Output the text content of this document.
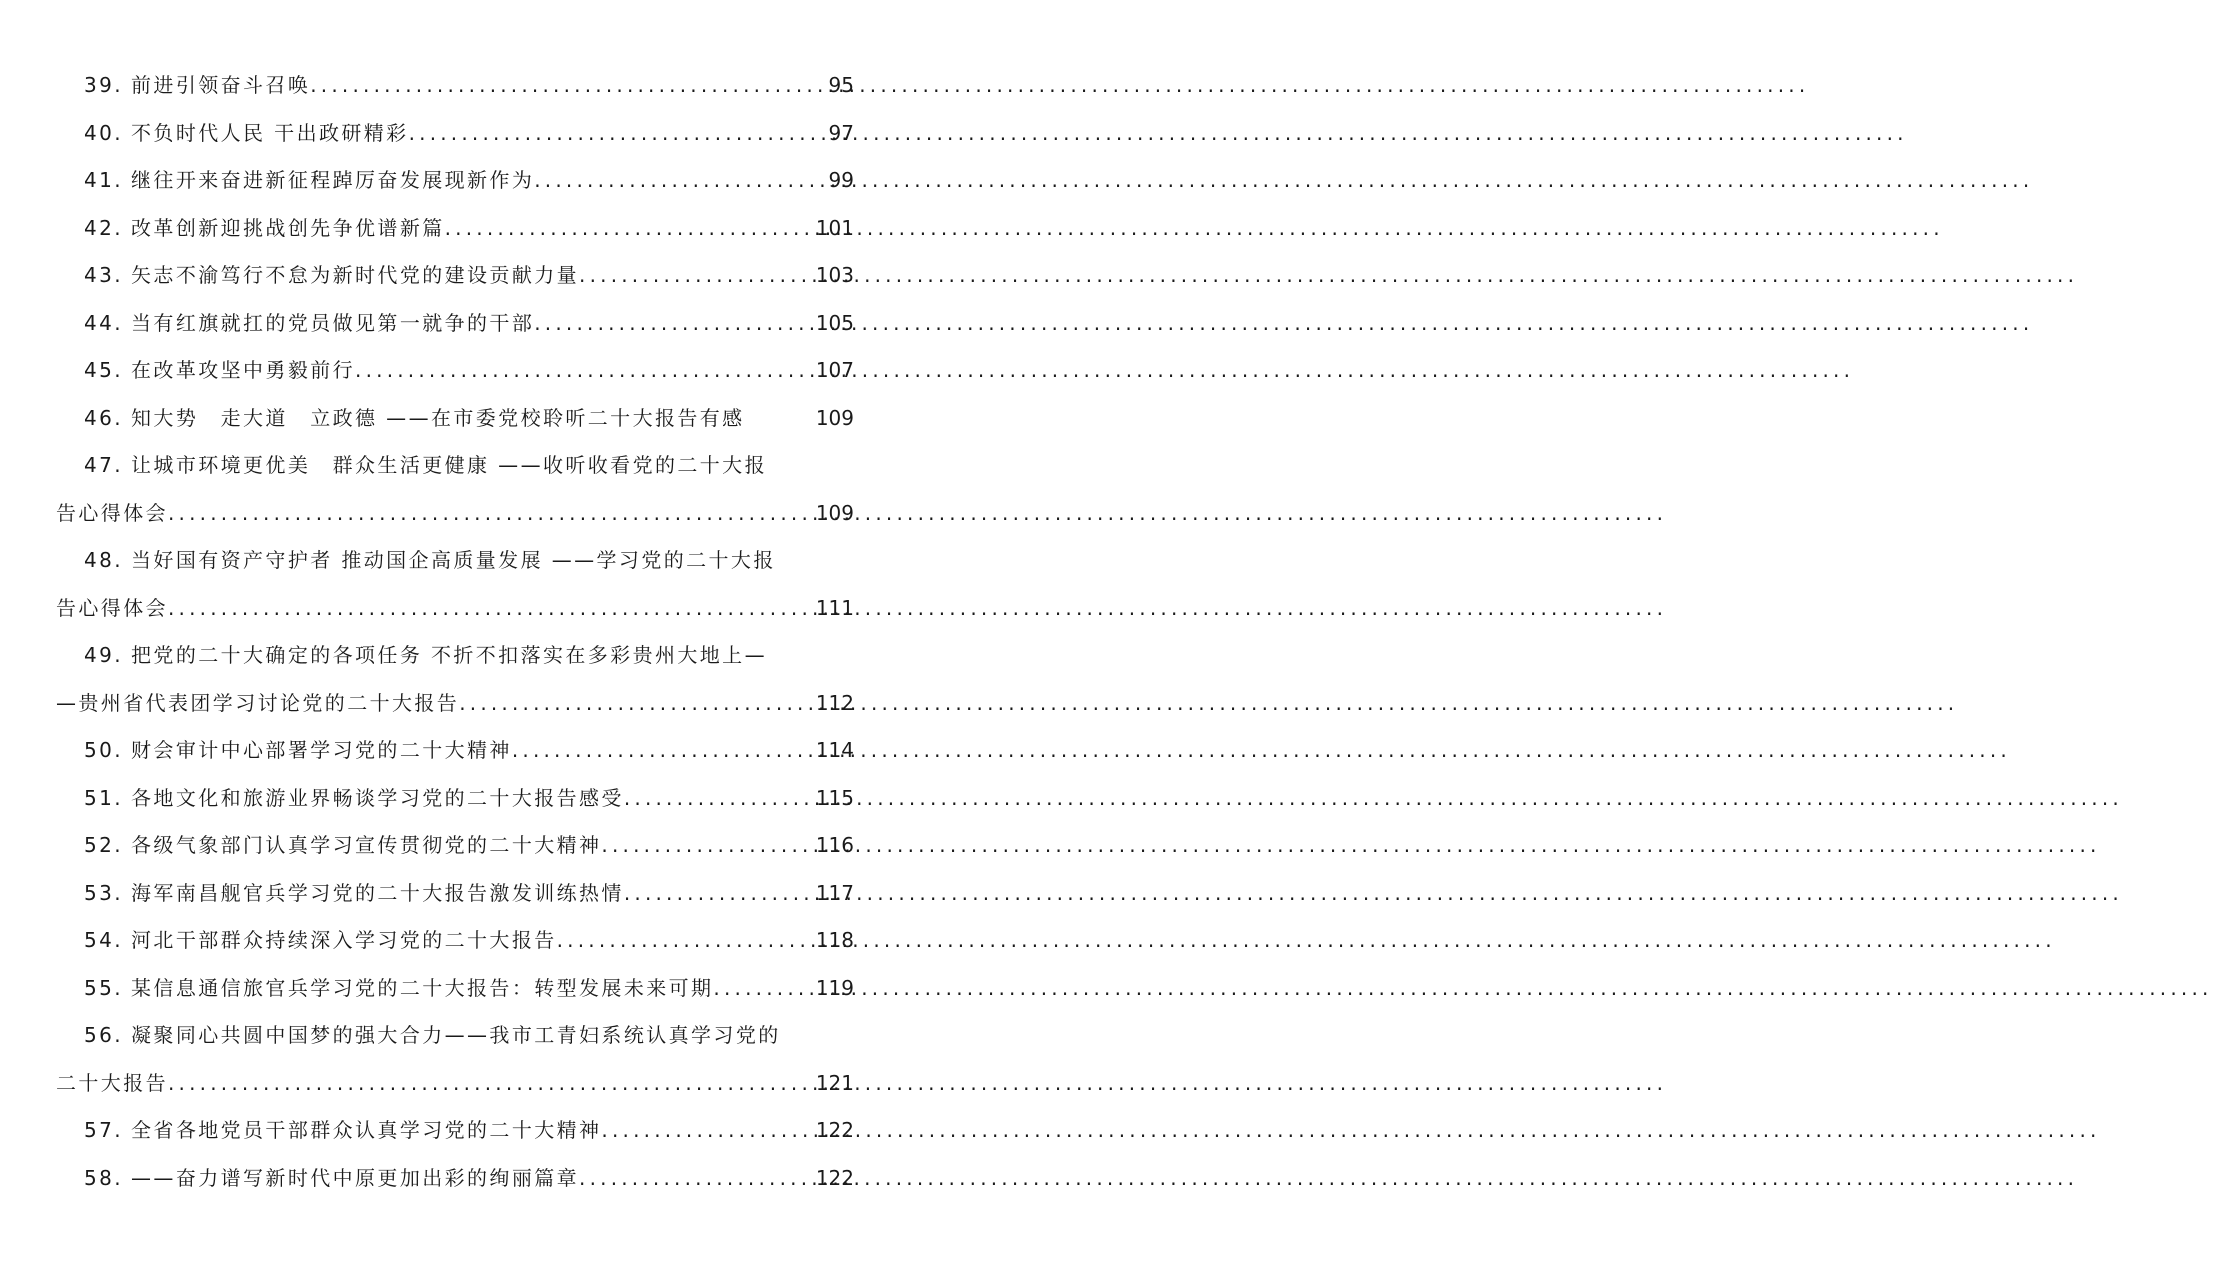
39. 前进引领奋斗召唤 .....	95
40. 不负时代人民 干出政研精彩 .....	97
41. 继往开来奋进新征程踔厉奋发展现新作为 .....	99
42. 改革创新迎挑战创先争优谱新篇 .....	101
43. 矢志不渝笃行不怠为新时代党的建设贡献力量 .....	103
44. 当有红旗就扛的党员做见第一就争的干部 .....	105
45. 在改革攻坚中勇毅前行 .....	107
46. 知大势　走大道　立政德 ——在市委党校聆听二十大报告有感	109
47. 让城市环境更优美　群众生活更健康 ——收听收看党的二十大报
告心得体会 .....	109
48. 当好国有资产守护者 推动国企高质量发展 ——学习党的二十大报
告心得体会 .....	111
49. 把党的二十大确定的各项任务 不折不扣落实在多彩贵州大地上—
—贵州省代表团学习讨论党的二十大报告 .....	112
50. 财会审计中心部署学习党的二十大精神 .....	114
51. 各地文化和旅游业界畅谈学习党的二十大报告感受 .....	115
52. 各级气象部门认真学习宣传贯彻党的二十大精神 .....	116
53. 海军南昌舰官兵学习党的二十大报告激发训练热情 .....	117
54. 河北干部群众持续深入学习党的二十大报告 .....	118
55. 某信息通信旅官兵学习党的二十大报告：转型发展未来可期 .....	119
56. 凝聚同心共圆中国梦的强大合力——我市工青妇系统认真学习党的
二十大报告 .....	121
57. 全省各地党员干部群众认真学习党的二十大精神 .....	122
58. ——奋力谱写新时代中原更加出彩的绚丽篇章 .....	122
